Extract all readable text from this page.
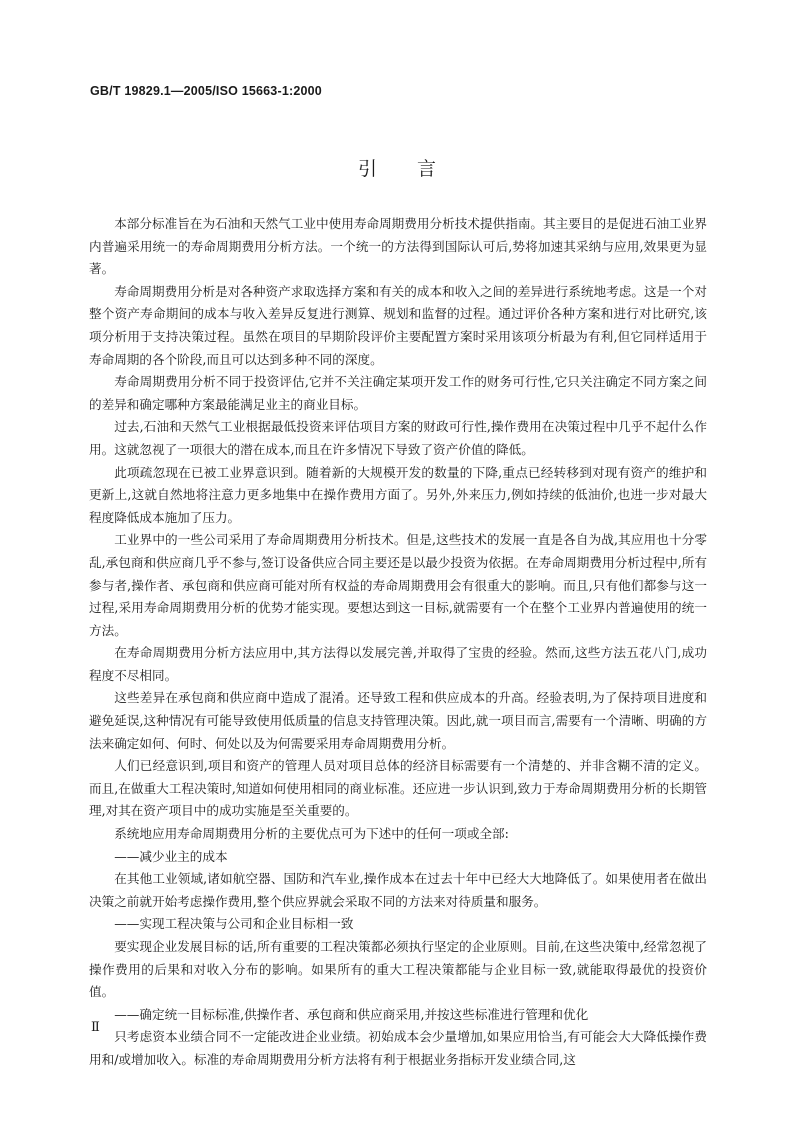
GB/T 19829.1—2005/ISO 15663-1:2000
引言

本部分标准旨在为石油和天然气工业中使用寿命周期费用分析技术提供指南。其主要目的是促进石油工业界内普遍采用统一的寿命周期费用分析方法。一个统一的方法得到国际认可后,势将加速其采纳与应用,效果更为显著。

寿命周期费用分析是对各种资产求取选择方案和有关的成本和收入之间的差异进行系统地考虑。这是一个对整个资产寿命期间的成本与收入差异反复进行测算、规划和监督的过程。通过评价各种方案和进行对比研究,该项分析用于支持决策过程。虽然在项目的早期阶段评价主要配置方案时采用该项分析最为有利,但它同样适用于寿命周期的各个阶段,而且可以达到多种不同的深度。

寿命周期费用分析不同于投资评估,它并不关注确定某项开发工作的财务可行性,它只关注确定不同方案之间的差异和确定哪种方案最能满足业主的商业目标。

过去,石油和天然气工业根据最低投资来评估项目方案的财政可行性,操作费用在决策过程中几乎不起什么作用。这就忽视了一项很大的潜在成本,而且在许多情况下导致了资产价值的降低。

此项疏忽现在已被工业界意识到。随着新的大规模开发的数量的下降,重点已经转移到对现有资产的维护和更新上,这就自然地将注意力更多地集中在操作费用方面了。另外,外来压力,例如持续的低油价,也进一步对最大程度降低成本施加了压力。

工业界中的一些公司采用了寿命周期费用分析技术。但是,这些技术的发展一直是各自为战,其应用也十分零乱,承包商和供应商几乎不参与,签订设备供应合同主要还是以最少投资为依据。在寿命周期费用分析过程中,所有参与者,操作者、承包商和供应商可能对所有权益的寿命周期费用会有很重大的影响。而且,只有他们都参与这一过程,采用寿命周期费用分析的优势才能实现。要想达到这一目标,就需要有一个在整个工业界内普遍使用的统一方法。

在寿命周期费用分析方法应用中,其方法得以发展完善,并取得了宝贵的经验。然而,这些方法五花八门,成功程度不尽相同。

这些差异在承包商和供应商中造成了混淆。还导致工程和供应成本的升高。经验表明,为了保持项目进度和避免延误,这种情况有可能导致使用低质量的信息支持管理决策。因此,就一项目而言,需要有一个清晰、明确的方法来确定如何、何时、何处以及为何需要采用寿命周期费用分析。

人们已经意识到,项目和资产的管理人员对项目总体的经济目标需要有一个清楚的、并非含糊不清的定义。而且,在做重大工程决策时,知道如何使用相同的商业标准。还应进一步认识到,致力于寿命周期费用分析的长期管理,对其在资产项目中的成功实施是至关重要的。

系统地应用寿命周期费用分析的主要优点可为下述中的任何一项或全部:

——减少业主的成本

在其他工业领域,诸如航空器、国防和汽车业,操作成本在过去十年中已经大大地降低了。如果使用者在做出决策之前就开始考虑操作费用,整个供应界就会采取不同的方法来对待质量和服务。

——实现工程决策与公司和企业目标相一致

要实现企业发展目标的话,所有重要的工程决策都必须执行坚定的企业原则。目前,在这些决策中,经常忽视了操作费用的后果和对收入分布的影响。如果所有的重大工程决策都能与企业目标一致,就能取得最优的投资价值。

——确定统一目标标准,供操作者、承包商和供应商采用,并按这些标准进行管理和优化

只考虑资本业绩合同不一定能改进企业业绩。初始成本会少量增加,如果应用恰当,有可能会大大降低操作费用和/或增加收入。标准的寿命周期费用分析方法将有利于根据业务指标开发业绩合同,这

Ⅱ
